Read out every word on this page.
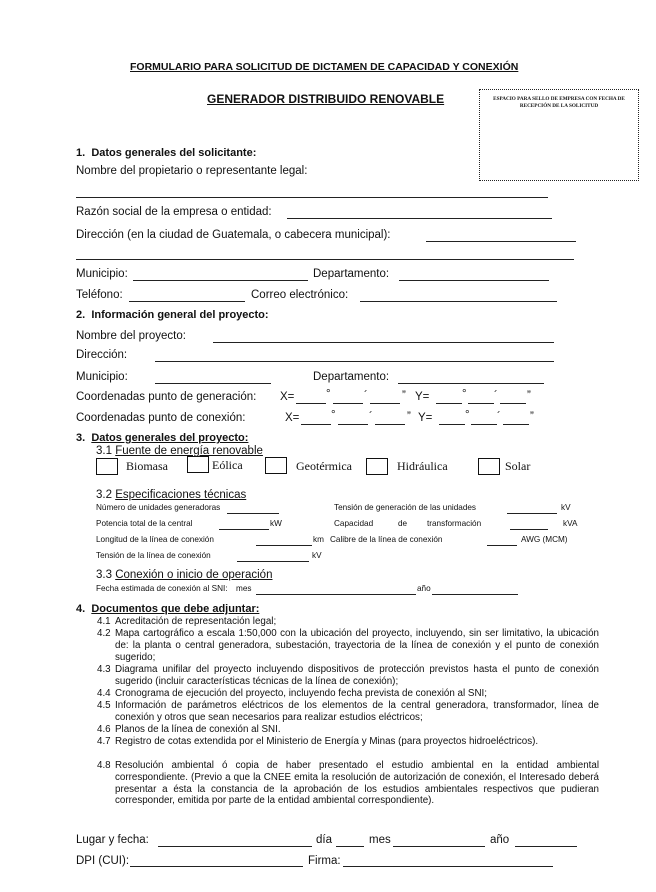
FORMULARIO PARA SOLICITUD DE DICTAMEN DE CAPACIDAD Y CONEXIÓN
GENERADOR DISTRIBUIDO RENOVABLE	ESPACIO PARA SELLO DE EMPRESA CON FECHA DE RECEPCIÓN DE LA SOLICITUD
1. Datos generales del solicitante:
Nombre del propietario o representante legal:
Razón social de la empresa o entidad:
Dirección (en la ciudad de Guatemala, o cabecera municipal):
Municipio:	Departamento:
Teléfono:	Correo electrónico:
2. Información general del proyecto:
Nombre del proyecto:
Dirección:
Municipio:	Departamento:
Coordenadas punto de generación: X=	°	´	” Y=	° ´	”
Coordenadas punto de conexión:	X=	°	´	” Y=	° ´	”
3. Datos generales del proyecto:
3.1 Fuente de energía renovable
Biomasa	Eólica	Geotérmica	Hidráulica	Solar
3.2 Especificaciones técnicas
Número de unidades generadoras	Tensión de generación de las unidades	kV
Potencia total de la central	kW	Capacidad	de transformación	kVA
Longitud de la línea de conexión	km Calibre de la línea de conexión	AWG (MCM)
Tensión de la línea de conexión	kV
3.3 Conexión o inicio de operación
Fecha estimada de conexión al SNI: mes	año
4. Documentos que debe adjuntar:
4.1 Acreditación de representación legal;
4.2 Mapa cartográfico a escala 1:50,000 con la ubicación del proyecto, incluyendo, sin ser limitativo, la ubicación de: la planta o central generadora, subestación, trayectoria de la línea de conexión y el punto de conexión sugerido;
4.3 Diagrama unifilar del proyecto incluyendo dispositivos de protección previstos hasta el punto de conexión sugerido (incluir características técnicas de la línea de conexión);
4.4 Cronograma de ejecución del proyecto, incluyendo fecha prevista de conexión al SNI;
4.5 Información de parámetros eléctricos de los elementos de la central generadora, transformador, línea de conexión y otros que sean necesarios para realizar estudios eléctricos;
4.6 Planos de la línea de conexión al SNI.
4.7 Registro de cotas extendida por el Ministerio de Energía y Minas (para proyectos hidroeléctricos).
4.8 Resolución ambiental ó copia de haber presentado el estudio ambiental en la entidad ambiental correspondiente. (Previo a que la CNEE emita la resolución de autorización de conexión, el Interesado deberá presentar a ésta la constancia de la aprobación de los estudios ambientales respectivos que pudieran corresponder, emitida por parte de la entidad ambiental correspondiente).
Lugar y fecha:	día	mes	año
DPI (CUI):	Firma:
